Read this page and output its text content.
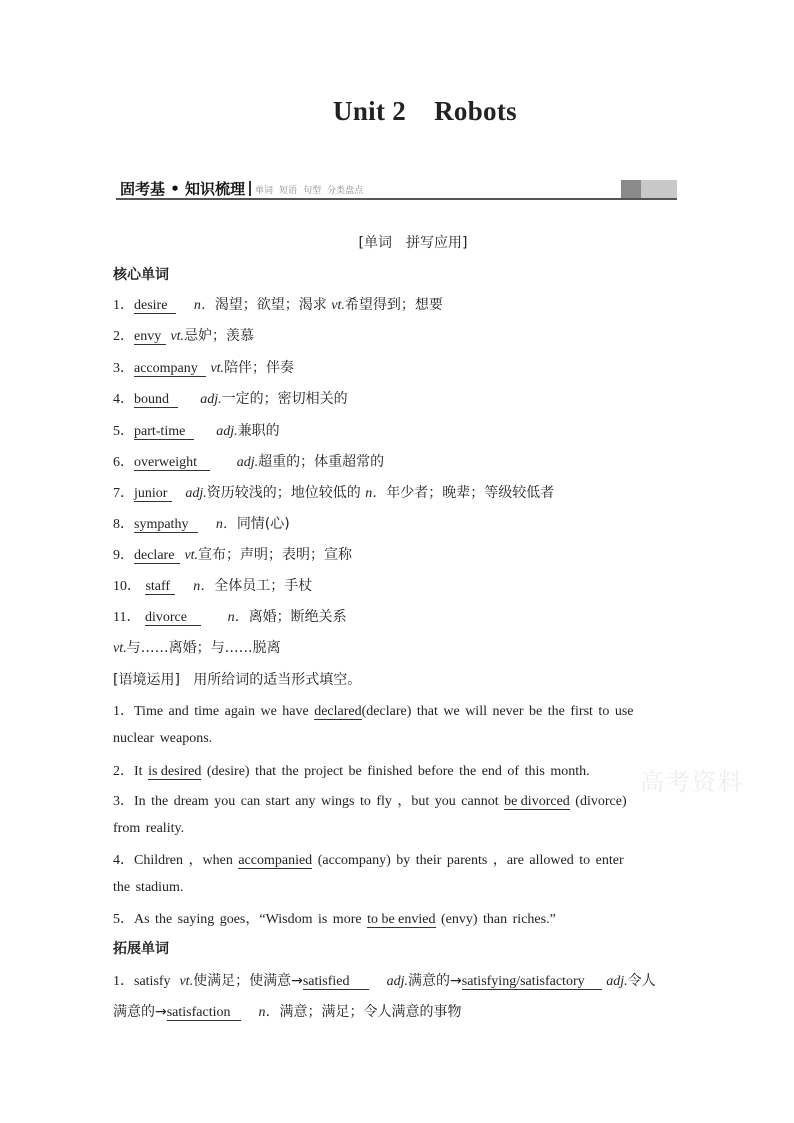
Unit 2 Robots
固考基 • 知识梳理 单词 短语 句型 分类盘点
[单词　拼写应用]
核心单词
1．desire n．渴望；欲望；渴求 vt.希望得到；想要
2．envy vt.忌妒；羡慕
3．accompany vt.陪伴；伴奏
4．bound adj.一定的；密切相关的
5．part-time adj.兼职的
6．overweight	adj.超重的；体重超常的
7．junior adj.资历较浅的；地位较低的 n．年少者；晚辈；等级较低者
8．sympathy n．同情(心)
9．declare vt.宣布；声明；表明；宣称
10． staff n．全体员工；手杖
11． divorce	n．离婚；断绝关系
vt.与……离婚；与……脱离
[语境运用] 用所给词的适当形式填空。
1．Time and time again we have declared(declare) that we will never be the first to use
nuclear weapons.
2．It is desired (desire) that the project be finished before the end of this month. 高考资料
3．In the dream you can start any wings to fly ，but you cannot be divorced (divorce)
from reality.
4．Children ，when accompanied (accompany) by their parents ，are allowed to enter
the stadium.
5．As the saying goes，“Wisdom is more to be envied (envy) than riches.”
拓展单词
1．satisfy vt.使满足；使满意→satisfied	adj.满意的→satisfying/satisfactory adj.令人
满意的→satisfaction n．满意；满足；令人满意的事物
